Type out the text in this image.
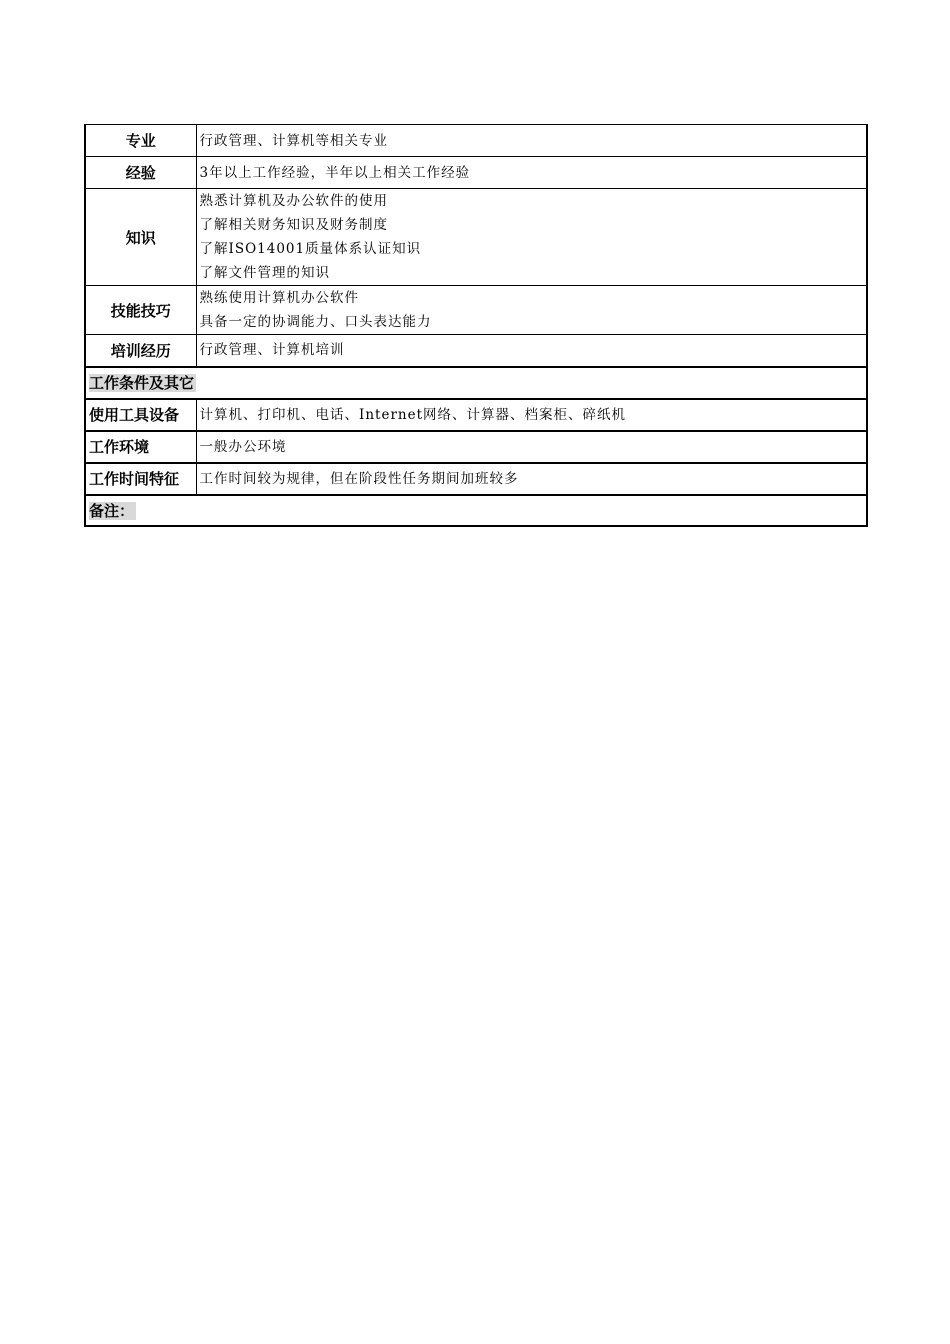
专业	行政管理、计算机等相关专业

经验	3年以上工作经验，半年以上相关工作经验

知识	熟悉计算机及办公软件的使用
了解相关财务知识及财务制度
了解ISO14001质量体系认证知识
了解文件管理的知识

技能技巧	熟练使用计算机办公软件
具备一定的协调能力、口头表达能力

培训经历	行政管理、计算机培训

工作条件及其它	
使用工具设备	计算机、打印机、电话、Internet网络、计算器、档案柜、碎纸机

工作环境	一般办公环境

工作时间特征	工作时间较为规律，但在阶段性任务期间加班较多

备注：	
